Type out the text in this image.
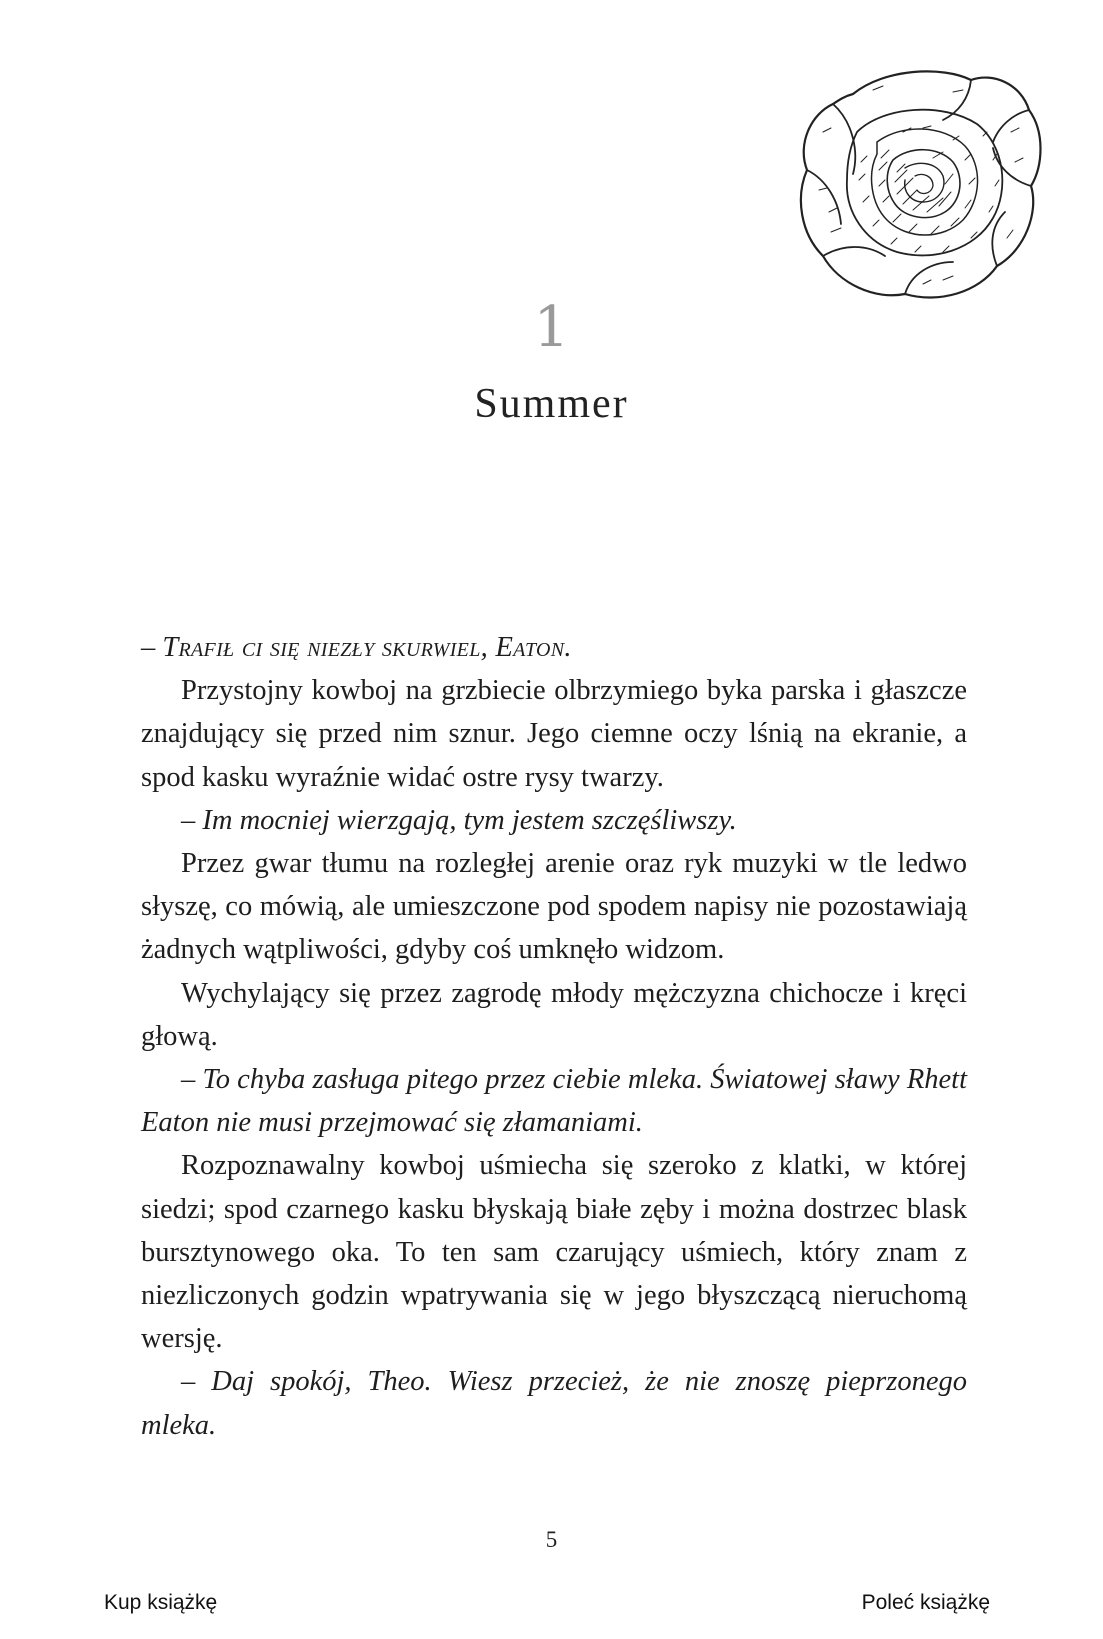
1
Summer

– Trafił ci się niezły skurwiel, Eaton.

Przystojny kowboj na grzbiecie olbrzymiego byka parska i głaszcze znajdujący się przed nim sznur. Jego ciemne oczy lśnią na ekranie, a spod kasku wyraźnie widać ostre rysy twarzy.

– Im mocniej wierzgają, tym jestem szczęśliwszy.

Przez gwar tłumu na rozległej arenie oraz ryk muzyki w tle ledwo słyszę, co mówią, ale umieszczone pod spodem napisy nie pozostawiają żadnych wątpliwości, gdyby coś umknęło widzom.

Wychylający się przez zagrodę młody mężczyzna chichocze i kręci głową.

– To chyba zasługa pitego przez ciebie mleka. Światowej sławy Rhett Eaton nie musi przejmować się złamaniami.

Rozpoznawalny kowboj uśmiecha się szeroko z klatki, w której siedzi; spod czarnego kasku błyskają białe zęby i można dostrzec blask bursztynowego oka. To ten sam czarujący uśmiech, który znam z niezliczonych godzin wpatrywania się w jego błyszczącą nieruchomą wersję.

– Daj spokój, Theo. Wiesz przecież, że nie znoszę pieprzonego mleka.

5
Kup książkę	Poleć książkę
